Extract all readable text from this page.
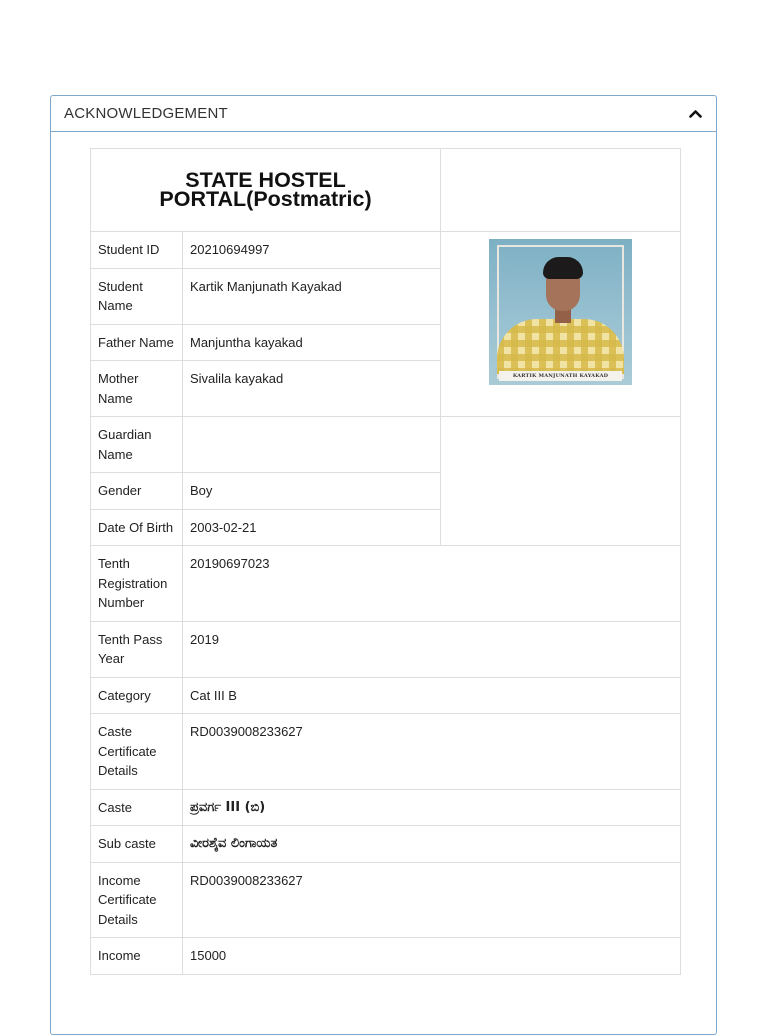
ACKNOWLEDGEMENT
STATE HOSTEL
PORTAL(Postmatric)		
Student ID	20210694997	KARTIK MANJUNATH KAYAKAD

Student Name	Kartik Manjunath Kayakad	
Father Name	Manjuntha kayakad	
Mother Name	Sivalila kayakad	
Guardian Name		
Gender	Boy	
Date Of Birth	2003-02-21	
Tenth Registration Number	20190697023	
Tenth Pass Year	2019	
Category	Cat III B	
Caste Certificate Details	RD0039008233627	
Caste	ಪ್ರವರ್ಗ III (ಬಿ)	
Sub caste	ವೀರಶೈವ ಲಿಂಗಾಯತ	
Income Certificate Details	RD0039008233627	
Income	15000	
